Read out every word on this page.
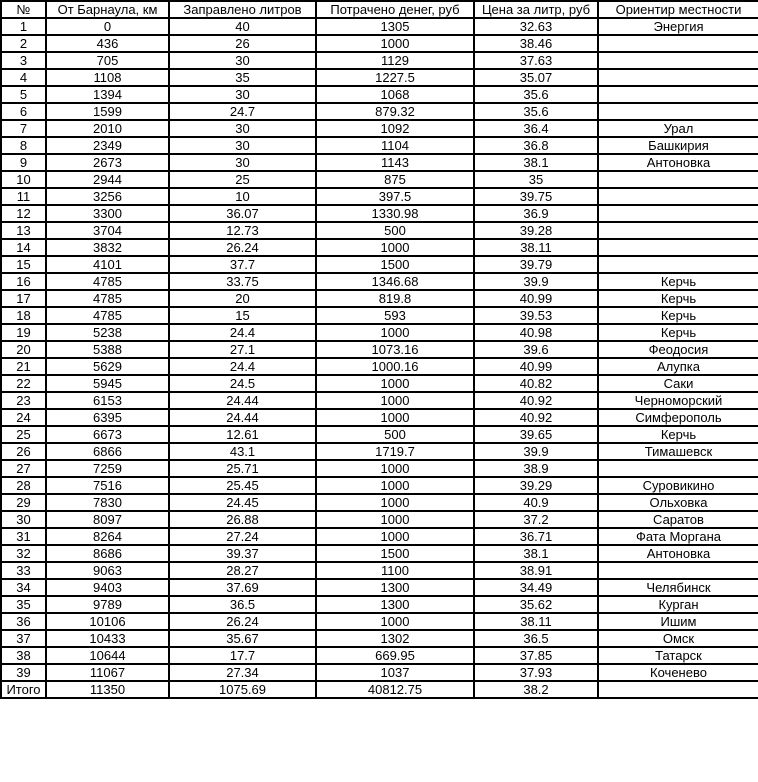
№	От Барнаула, км	Заправлено литров	Потрачено денег, руб	Цена за литр, руб	Ориентир местности
1	0	40	1305	32.63	Энергия
2	436	26	1000	38.46	
3	705	30	1129	37.63	
4	1108	35	1227.5	35.07	
5	1394	30	1068	35.6	
6	1599	24.7	879.32	35.6	
7	2010	30	1092	36.4	Урал
8	2349	30	1104	36.8	Башкирия
9	2673	30	1143	38.1	Антоновка
10	2944	25	875	35	
11	3256	10	397.5	39.75	
12	3300	36.07	1330.98	36.9	
13	3704	12.73	500	39.28	
14	3832	26.24	1000	38.11	
15	4101	37.7	1500	39.79	
16	4785	33.75	1346.68	39.9	Керчь
17	4785	20	819.8	40.99	Керчь
18	4785	15	593	39.53	Керчь
19	5238	24.4	1000	40.98	Керчь
20	5388	27.1	1073.16	39.6	Феодосия
21	5629	24.4	1000.16	40.99	Алупка
22	5945	24.5	1000	40.82	Саки
23	6153	24.44	1000	40.92	Черноморский
24	6395	24.44	1000	40.92	Симферополь
25	6673	12.61	500	39.65	Керчь
26	6866	43.1	1719.7	39.9	Тимашевск
27	7259	25.71	1000	38.9	
28	7516	25.45	1000	39.29	Суровикино
29	7830	24.45	1000	40.9	Ольховка
30	8097	26.88	1000	37.2	Саратов
31	8264	27.24	1000	36.71	Фата Моргана
32	8686	39.37	1500	38.1	Антоновка
33	9063	28.27	1100	38.91	
34	9403	37.69	1300	34.49	Челябинск
35	9789	36.5	1300	35.62	Курган
36	10106	26.24	1000	38.11	Ишим
37	10433	35.67	1302	36.5	Омск
38	10644	17.7	669.95	37.85	Татарск
39	11067	27.34	1037	37.93	Коченево
Итого	11350	1075.69	40812.75	38.2	
